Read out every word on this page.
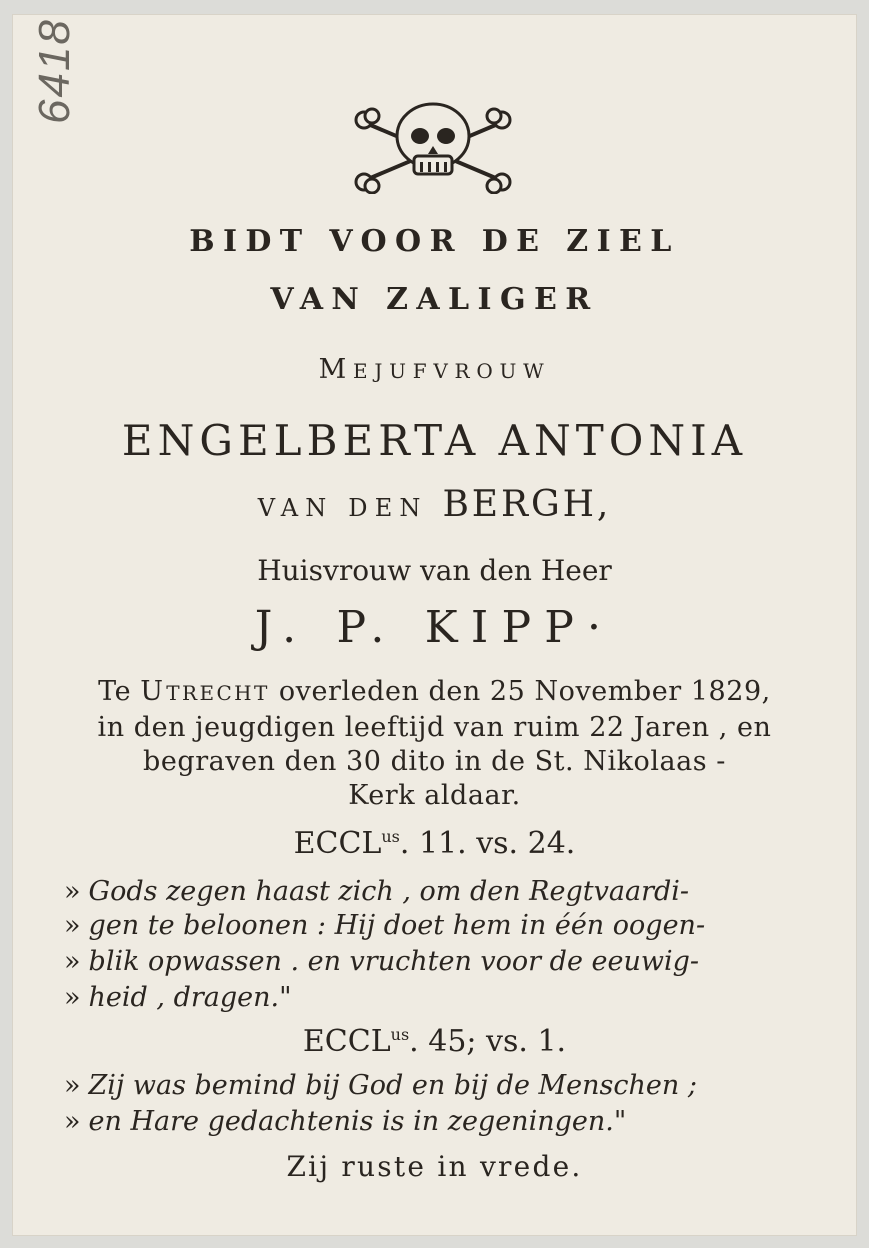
6418
BIDT VOOR DE ZIEL
VAN ZALIGER
MEJUFVROUW
ENGELBERTA ANTONIA
VAN DEN BERGH,
Huisvrouw van den Heer
J. P. KIPP·
Te UTRECHT overleden den 25 November 1829,
in den jeugdigen leeftijd van ruim 22 Jaren , en
begraven den 30 dito in de St. Nikolaas -
Kerk aldaar.
$ECCL^{us}$. 11. vs. 24.
» Gods zegen haast zich , om den Regtvaardi-
» gen te beloonen : Hij doet hem in één oogen-
» blik opwassen . en vruchten voor de eeuwig-
» heid , dragen."
$ECCL^{us}$. 45; vs. 1.
» Zij was bemind bij God en bij de Menschen ;
» en Hare gedachtenis is in zegeningen."
Zij ruste in vrede.
